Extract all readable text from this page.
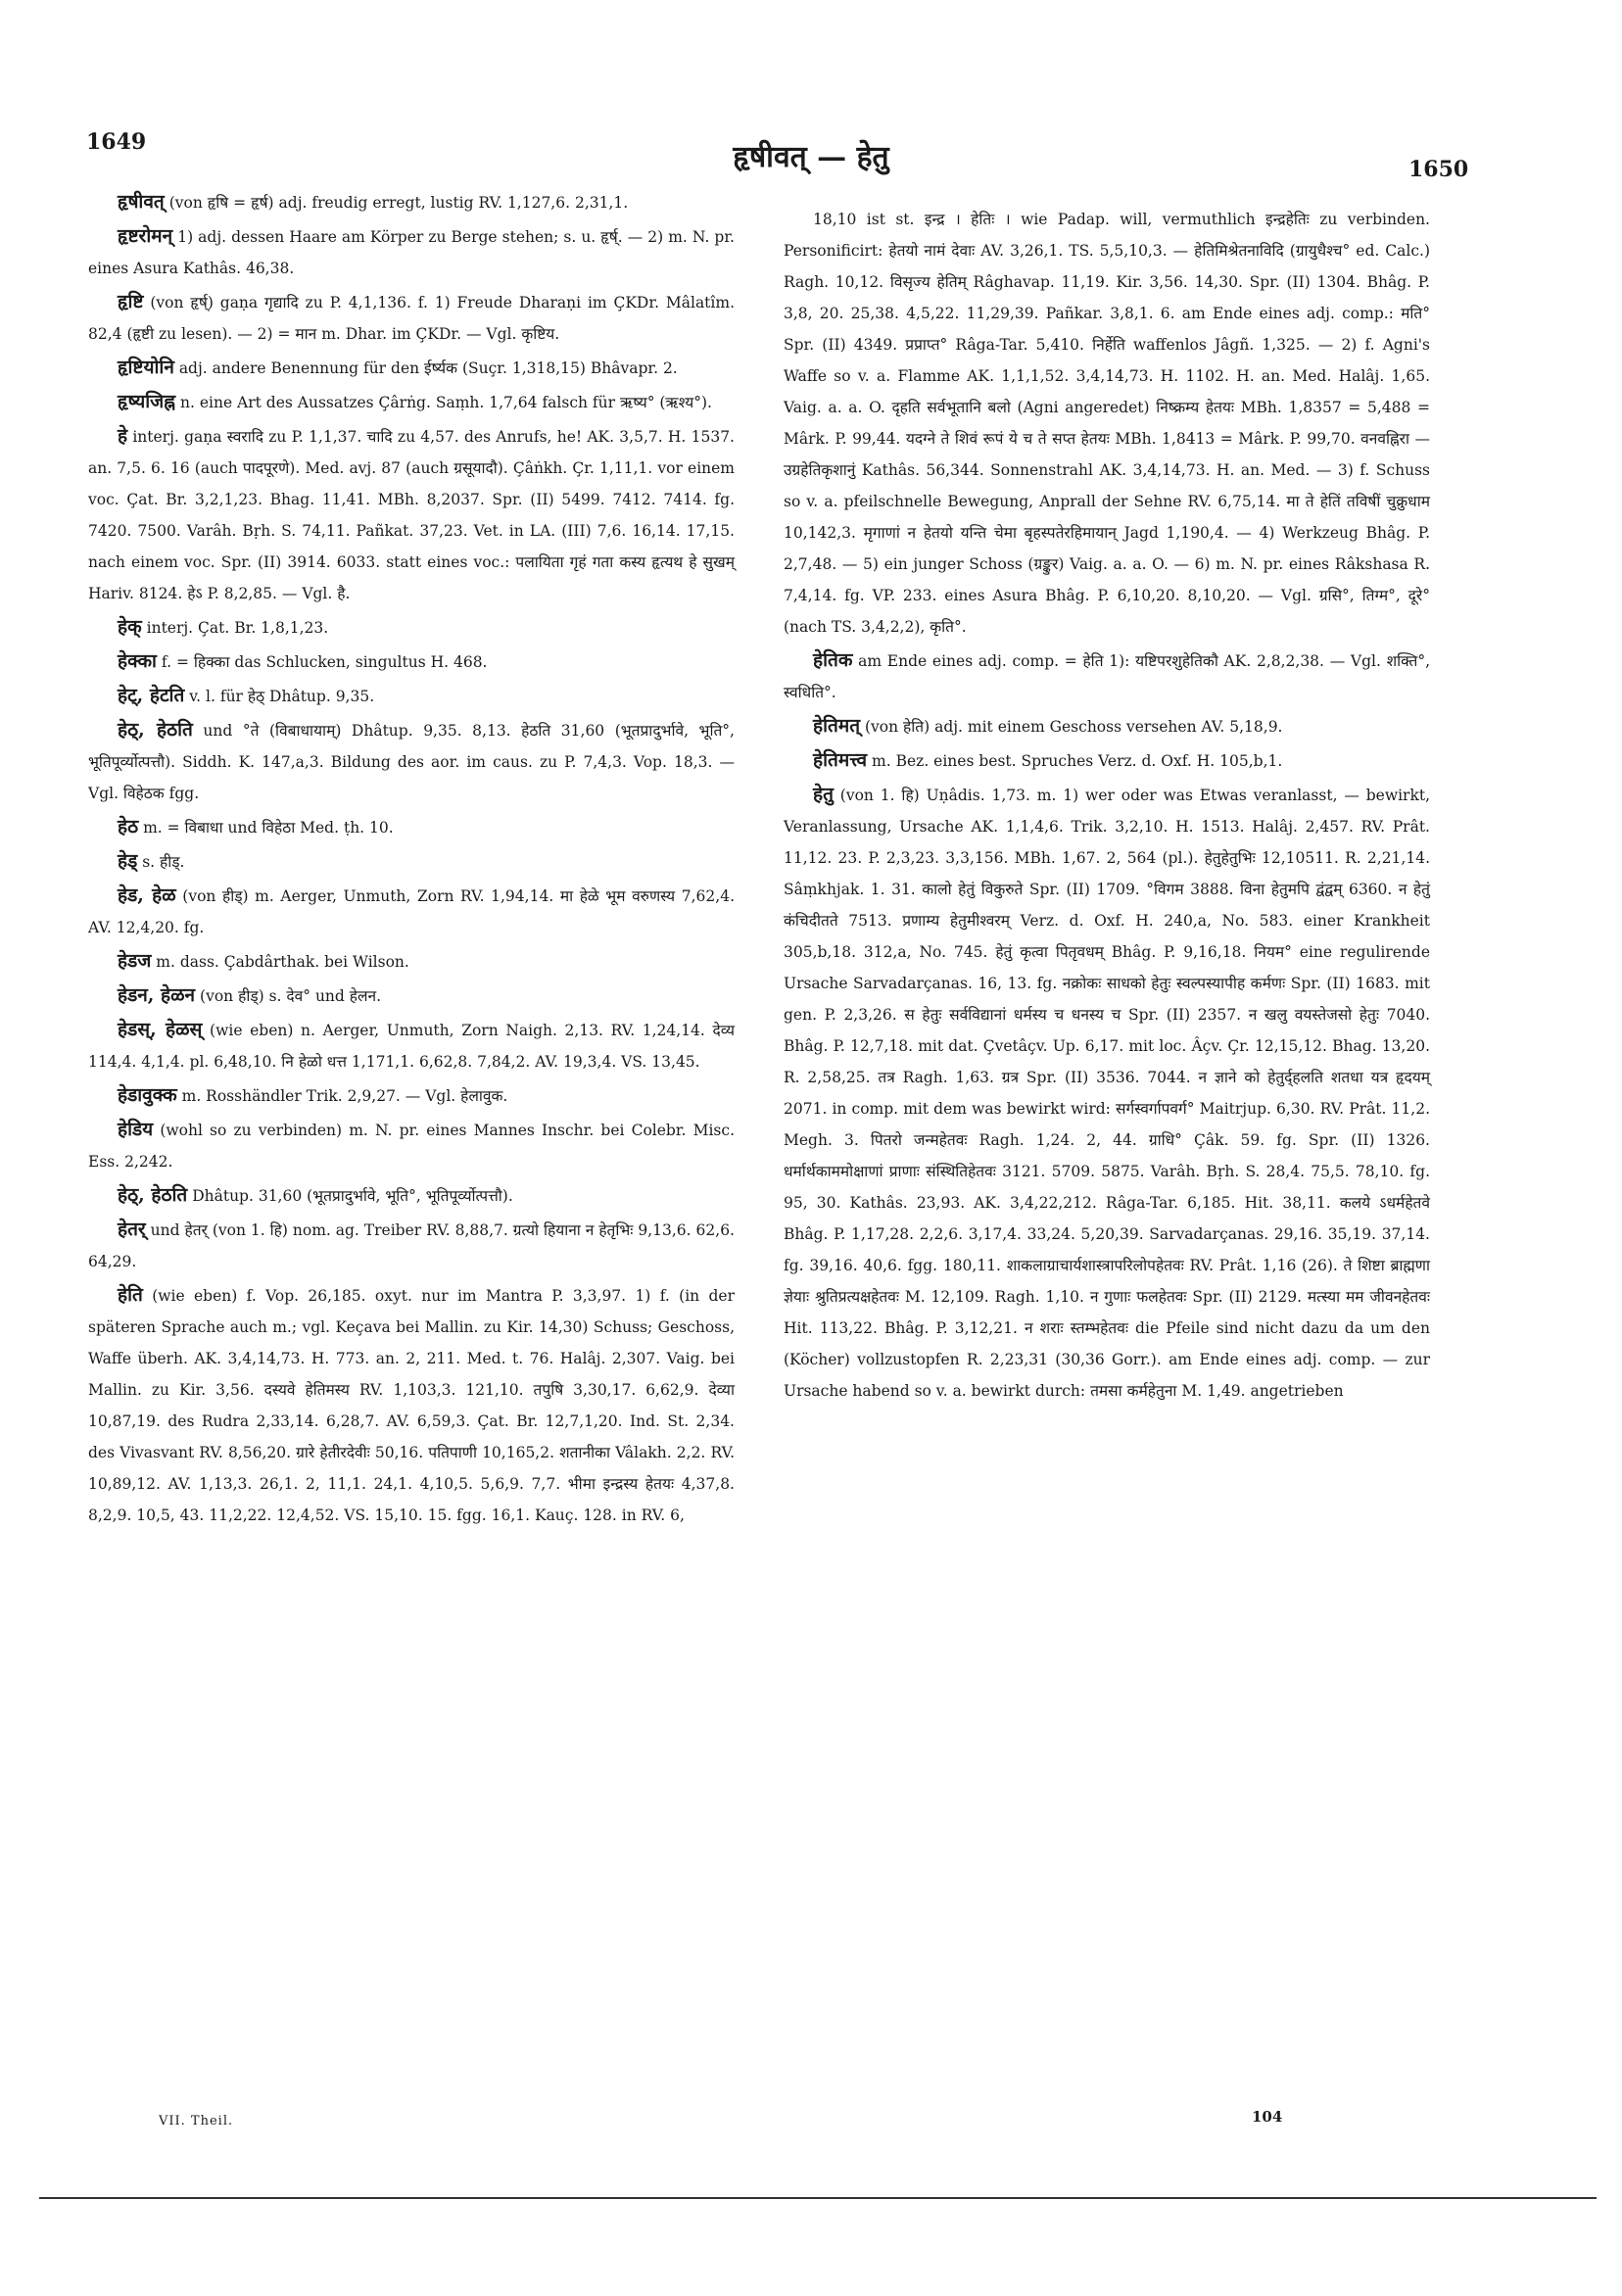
1649	हृषीवत् — हेतु	1650

हृषीवत् (von हृषि = हृर्ष) adj. freudig erregt, lustig RV. 1,127,6. 2,31,1.

हृष्टरोमन् 1) adj. dessen Haare am Körper zu Berge stehen; s. u. हृर्ष्. — 2) m. N. pr. eines Asura Kathâs. 46,38.

हृष्टि (von हृर्ष्) gaṇa गृद्यादि zu P. 4,1,136. f. 1) Freude Dharaṇi im ÇKDr. Mâlatîm. 82,4 (हृष्टी zu lesen). — 2) = मान m. Dhar. im ÇKDr. — Vgl. कृष्टिय.

हृष्टियोनि adj. andere Benennung für den ईर्ष्यक (Suçr. 1,318,15) Bhâvapr. 2.

हृष्यजिह्न n. eine Art des Aussatzes Çârṅg. Saṃh. 1,7,64 falsch für ऋष्य° (ऋश्य°).

हे interj. gaṇa स्वरादि zu P. 1,1,37. चादि zu 4,57. des Anrufs, he! AK. 3,5,7. H. 1537. an. 7,5. 6. 16 (auch पादपूरणे). Med. avj. 87 (auch ग्रसूयादौ). Çâṅkh. Çr. 1,11,1. vor einem voc. Çat. Br. 3,2,1,23. Bhag. 11,41. MBh. 8,2037. Spr. (II) 5499. 7412. 7414. fg. 7420. 7500. Varâh. Bṛh. S. 74,11. Pañkat. 37,23. Vet. in LA. (III) 7,6. 16,14. 17,15. nach einem voc. Spr. (II) 3914. 6033. statt eines voc.: पलायिता गृहं गता कस्य हृत्यथ हे सुखम् Hariv. 8124. हेऽ P. 8,2,85. — Vgl. है.

हेक् interj. Çat. Br. 1,8,1,23.

हेक्का f. = हिक्का das Schlucken, singultus H. 468.

हेट्, हेटति v. l. für हेठ् Dhâtup. 9,35.

हेठ्, हेठति und °ते (विबाधायाम्) Dhâtup. 9,35. 8,13. हेठति 31,60 (भूतप्रादुर्भावे, भूति°, भूतिपूर्व्योत्पत्तौ). Siddh. K. 147,a,3. Bildung des aor. im caus. zu P. 7,4,3. Vop. 18,3. — Vgl. विहेठक fgg.

हेठ m. = विबाधा und विहेठा Med. ṭh. 10.

हेड् s. हीड्.

हेड, हेळ (von हीड्) m. Aerger, Unmuth, Zorn RV. 1,94,14. मा हेळे भूम वरुणस्य 7,62,4. AV. 12,4,20. fg.

हेडज m. dass. Çabdârthak. bei Wilson.

हेडन, हेळन (von हीड्) s. देव° und हेलन.

हेडस्, हेळस् (wie eben) n. Aerger, Unmuth, Zorn Naigh. 2,13. RV. 1,24,14. देव्य 114,4. 4,1,4. pl. 6,48,10. नि हेळो धत्त 1,171,1. 6,62,8. 7,84,2. AV. 19,3,4. VS. 13,45.

हेडावुक्क m. Rosshändler Trik. 2,9,27. — Vgl. हेलावुक.

हेडिय (wohl so zu verbinden) m. N. pr. eines Mannes Inschr. bei Colebr. Misc. Ess. 2,242.

हेठ्, हेठति Dhâtup. 31,60 (भूतप्रादुर्भावे, भूति°, भूतिपूर्व्योत्पत्तौ).

हेतर् und हेतर् (von 1. हि) nom. ag. Treiber RV. 8,88,7. ग्रत्यो हियाना न हेतृभिः 9,13,6. 62,6. 64,29.

हेति (wie eben) f. Vop. 26,185. oxyt. nur im Mantra P. 3,3,97. 1) f. (in der späteren Sprache auch m.; vgl. Keçava bei Mallin. zu Kir. 14,30) Schuss; Geschoss, Waffe überh. AK. 3,4,14,73. H. 773. an. 2, 211. Med. t. 76. Halâj. 2,307. Vaig. bei Mallin. zu Kir. 3,56. दस्यवे हेतिमस्य RV. 1,103,3. 121,10. तपुषि 3,30,17. 6,62,9. देव्या 10,87,19. des Rudra 2,33,14. 6,28,7. AV. 6,59,3. Çat. Br. 12,7,1,20. Ind. St. 2,34. des Vivasvant RV. 8,56,20. ग्रारे हेतीरदेवीः 50,16. पतिपाणी 10,165,2. शतानीका Vâlakh. 2,2. RV. 10,89,12. AV. 1,13,3. 26,1. 2, 11,1. 24,1. 4,10,5. 5,6,9. 7,7. भीमा इन्द्रस्य हेतयः 4,37,8. 8,2,9. 10,5, 43. 11,2,22. 12,4,52. VS. 15,10. 15. fgg. 16,1. Kauç. 128. in RV. 6,

18,10 ist st. इन्द्र । हेतिः । wie Padap. will, vermuthlich इन्द्रहेतिः zu verbinden. Personificirt: हेतयो नामं देवाः AV. 3,26,1. TS. 5,5,10,3. — हेतिमिश्रेतनाविदि (ग्रायुधैश्च° ed. Calc.) Ragh. 10,12. विसृज्य हेतिम् Râghavap. 11,19. Kir. 3,56. 14,30. Spr. (II) 1304. Bhâg. P. 3,8, 20. 25,38. 4,5,22. 11,29,39. Pañkar. 3,8,1. 6. am Ende eines adj. comp.: मति° Spr. (II) 4349. प्रप्राप्त° Râga-Tar. 5,410. निर्हेति waffenlos Jâgñ. 1,325. — 2) f. Agni's Waffe so v. a. Flamme AK. 1,1,1,52. 3,4,14,73. H. 1102. H. an. Med. Halâj. 1,65. Vaig. a. a. O. दृहति सर्वभूतानि बलो (Agni angeredet) निष्क्रम्य हेतयः MBh. 1,8357 = 5,488 = Mârk. P. 99,44. यदग्ने ते शिवं रूपं ये च ते सप्त हेतयः MBh. 1,8413 = Mârk. P. 99,70. वनवह्निरा — उग्रहेतिकृशानुं Kathâs. 56,344. Sonnenstrahl AK. 3,4,14,73. H. an. Med. — 3) f. Schuss so v. a. pfeilschnelle Bewegung, Anprall der Sehne RV. 6,75,14. मा ते हेतिं तविषीं चुक्रुधाम 10,142,3. मृगाणां न हेतयो यन्ति चेमा बृहस्पतेरहिमायान् Jagd 1,190,4. — 4) Werkzeug Bhâg. P. 2,7,48. — 5) ein junger Schoss (ग्रङ्कुर) Vaig. a. a. O. — 6) m. N. pr. eines Râkshasa R. 7,4,14. fg. VP. 233. eines Asura Bhâg. P. 6,10,20. 8,10,20. — Vgl. ग्रसि°, तिग्म°, दूरे° (nach TS. 3,4,2,2), कृति°.

हेतिक am Ende eines adj. comp. = हेति 1): यष्टिपरशुहेतिकौ AK. 2,8,2,38. — Vgl. शक्ति°, स्वधिति°.

हेतिमत् (von हेति) adj. mit einem Geschoss versehen AV. 5,18,9.

हेतिमत्त्व m. Bez. eines best. Spruches Verz. d. Oxf. H. 105,b,1.

हेतु (von 1. हि) Uṇâdis. 1,73. m. 1) wer oder was Etwas veranlasst, — bewirkt, Veranlassung, Ursache AK. 1,1,4,6. Trik. 3,2,10. H. 1513. Halâj. 2,457. RV. Prât. 11,12. 23. P. 2,3,23. 3,3,156. MBh. 1,67. 2, 564 (pl.). हेतुहेतुभिः 12,10511. R. 2,21,14. Sâṃkhjak. 1. 31. कालो हेतुं विकुरुते Spr. (II) 1709. °विगम 3888. विना हेतुमपि द्वंद्वम् 6360. न हेतुं कंचिदीतते 7513. प्रणाम्य हेतुमीश्वरम् Verz. d. Oxf. H. 240,a, No. 583. einer Krankheit 305,b,18. 312,a, No. 745. हेतुं कृत्वा पितृवधम् Bhâg. P. 9,16,18. नियम° eine regulirende Ursache Sarvadarçanas. 16, 13. fg. नक्रोकः साधको हेतुः स्वल्पस्यापीह कर्मणः Spr. (II) 1683. mit gen. P. 2,3,26. स हेतुः सर्वविद्यानां धर्मस्य च धनस्य च Spr. (II) 2357. न खलु वयस्तेजसो हेतुः 7040. Bhâg. P. 12,7,18. mit dat. Çvetâçv. Up. 6,17. mit loc. Âçv. Çr. 12,15,12. Bhag. 13,20. R. 2,58,25. तत्र Ragh. 1,63. ग्रत्र Spr. (II) 3536. 7044. न ज्ञाने को हेतुर्द्हलति शतधा यत्र हृदयम् 2071. in comp. mit dem was bewirkt wird: सर्गस्वर्गापवर्ग° Maitrjup. 6,30. RV. Prât. 11,2. Megh. 3. पितरो जन्महेतवः Ragh. 1,24. 2, 44. ग्राधि° Çâk. 59. fg. Spr. (II) 1326. धर्मार्थकाममोक्षाणां प्राणाः संस्थितिहेतवः 3121. 5709. 5875. Varâh. Bṛh. S. 28,4. 75,5. 78,10. fg. 95, 30. Kathâs. 23,93. AK. 3,4,22,212. Râga-Tar. 6,185. Hit. 38,11. कलये ऽधर्महेतवे Bhâg. P. 1,17,28. 2,2,6. 3,17,4. 33,24. 5,20,39. Sarvadarçanas. 29,16. 35,19. 37,14. fg. 39,16. 40,6. fgg. 180,11. शाकलाग्राचार्यशास्त्रापरिलोपहेतवः RV. Prât. 1,16 (26). ते शिष्टा ब्राह्मणा ज्ञेयाः श्रुतिप्रत्यक्षहेतवः M. 12,109. Ragh. 1,10. न गुणाः फलहेतवः Spr. (II) 2129. मत्स्या मम जीवनहेतवः Hit. 113,22. Bhâg. P. 3,12,21. न शराः स्तम्भहेतवः die Pfeile sind nicht dazu da um den (Köcher) vollzustopfen R. 2,23,31 (30,36 Gorr.). am Ende eines adj. comp. — zur Ursache habend so v. a. bewirkt durch: तमसा कर्महेतुना M. 1,49. angetrieben

VII. Theil.	104
